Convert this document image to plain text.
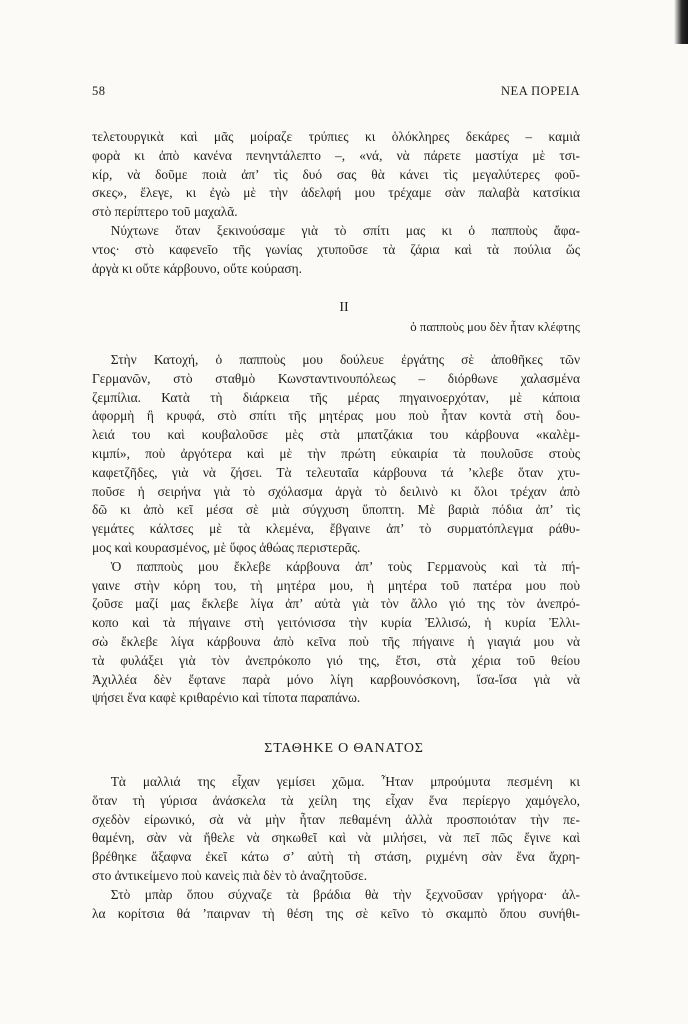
58	ΝΕΑ ΠΟΡΕΙΑ

τελετουργικὰ καὶ μᾶς μοίραζε τρύπιες κι ὁλόκληρες δεκάρες – καμιὰ
φορὰ κι ἀπὸ κανένα πενηντάλεπτο –, «νά, νὰ πάρετε μαστίχα μὲ τσι-
κίρ, νὰ δοῦμε ποιὰ ἀπ’ τὶς δυό σας θὰ κάνει τὶς μεγαλύτερες φοῦ-
σκες», ἔλεγε, κι ἐγὼ μὲ τὴν ἀδελφή μου τρέχαμε σὰν παλαβὰ κατσίκια
στὸ περίπτερο τοῦ μαχαλᾶ.

Νύχτωνε ὅταν ξεκινούσαμε γιὰ τὸ σπίτι μας κι ὁ παπποὺς ἄφα-
ντος· στὸ καφενεῖο τῆς γωνίας χτυποῦσε τὰ ζάρια καὶ τὰ πούλια ὥς
ἀργὰ κι οὔτε κάρβουνο, οὔτε κούραση.

II
ὁ παπποὺς μου δὲν ἦταν κλέφτης

Στὴν Κατοχή, ὁ παπποὺς μου δούλευε ἐργάτης σὲ ἀποθῆκες τῶν
Γερμανῶν, στὸ σταθμὸ Κωνσταντινουπόλεως – διόρθωνε χαλασμένα
ζεμπίλια. Κατὰ τὴ διάρκεια τῆς μέρας πηγαινοερχόταν, μὲ κάποια
ἀφορμὴ ἢ κρυφά, στὸ σπίτι τῆς μητέρας μου ποὺ ἦταν κοντὰ στὴ δου-
λειά του καὶ κουβαλοῦσε μὲς στὰ μπατζάκια του κάρβουνα «καλὲμ-
κιμπί», ποὺ ἀργότερα καὶ μὲ τὴν πρώτη εὐκαιρία τὰ πουλοῦσε στοὺς
καφετζῆδες, γιὰ νὰ ζήσει. Τὰ τελευταῖα κάρβουνα τά ’κλεβε ὅταν χτυ-
ποῦσε ἡ σειρήνα γιὰ τὸ σχόλασμα ἀργὰ τὸ δειλινὸ κι ὅλοι τρέχαν ἀπὸ
δῶ κι ἀπὸ κεῖ μέσα σὲ μιὰ σύγχυση ὕποπτη. Μὲ βαριὰ πόδια ἀπ’ τὶς
γεμάτες κάλτσες μὲ τὰ κλεμένα, ἔβγαινε ἀπ’ τὸ συρματόπλεγμα ράθυ-
μος καὶ κουρασμένος, μὲ ὕφος ἀθώας περιστερᾶς.

Ὁ παπποὺς μου ἔκλεβε κάρβουνα ἀπ’ τοὺς Γερμανοὺς καὶ τὰ πή-
γαινε στὴν κόρη του, τὴ μητέρα μου, ἡ μητέρα τοῦ πατέρα μου ποὺ
ζοῦσε μαζί μας ἔκλεβε λίγα ἀπ’ αὐτὰ γιὰ τὸν ἄλλο γιό της τὸν ἀνεπρό-
κοπο καὶ τὰ πήγαινε στὴ γειτόνισσα τὴν κυρία Ἐλλισώ, ἡ κυρία Ἐλλι-
σὼ ἔκλεβε λίγα κάρβουνα ἀπὸ κεῖνα ποὺ τῆς πήγαινε ἡ γιαγιά μου νὰ
τὰ φυλάξει γιὰ τὸν ἀνεπρόκοπο γιό της, ἔτσι, στὰ χέρια τοῦ θείου
Ἀχιλλέα δὲν ἔφτανε παρὰ μόνο λίγη καρβουνόσκονη, ἴσα-ἴσα γιὰ νὰ
ψήσει ἕνα καφὲ κριθαρένιο καὶ τίποτα παραπάνω.

ΣΤΑΘΗΚΕ Ο ΘΑΝΑΤΟΣ

Τὰ μαλλιά της εἶχαν γεμίσει χῶμα. Ἦταν μπρούμυτα πεσμένη κι
ὅταν τὴ γύρισα ἀνάσκελα τὰ χείλη της εἶχαν ἕνα περίεργο χαμόγελο,
σχεδὸν εἰρωνικό, σὰ νὰ μὴν ἦταν πεθαμένη ἀλλὰ προσποιόταν τὴν πε-
θαμένη, σὰν νὰ ἤθελε νὰ σηκωθεῖ καὶ νὰ μιλήσει, νὰ πεῖ πῶς ἔγινε καὶ
βρέθηκε ἄξαφνα ἐκεῖ κάτω σ’ αὐτὴ τὴ στάση, ριχμένη σὰν ἕνα ἄχρη-
στο ἀντικείμενο ποὺ κανεὶς πιὰ δὲν τὸ ἀναζητοῦσε.

Στὸ μπὰρ ὅπου σύχναζε τὰ βράδια θὰ τὴν ξεχνοῦσαν γρήγορα· ἀλ-
λα κορίτσια θά ’παιρναν τὴ θέση της σὲ κεῖνο τὸ σκαμπὸ ὅπου συνήθι-
